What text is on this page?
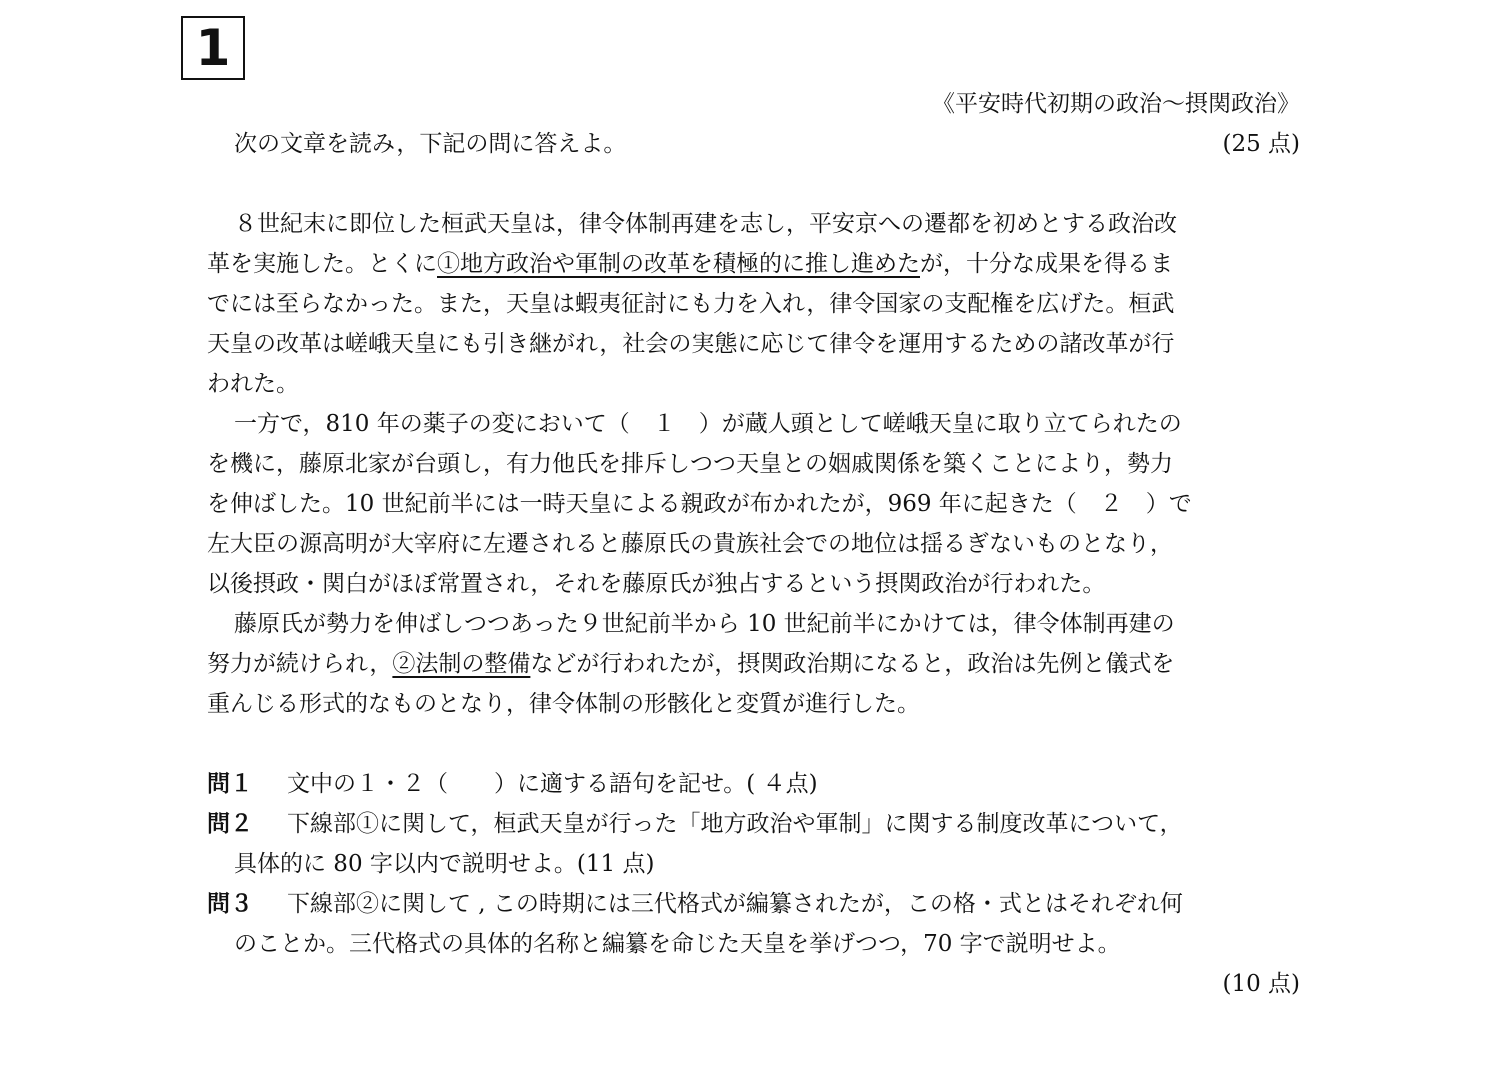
1
《平安時代初期の政治～摂関政治》
次の文章を読み，下記の問に答えよ。	(25 点)
８世紀末に即位した桓武天皇は，律令体制再建を志し，平安京への遷都を初めとする政治改
革を実施した。とくに①地方政治や軍制の改革を積極的に推し進めたが，十分な成果を得るま
でには至らなかった。また，天皇は蝦夷征討にも力を入れ，律令国家の支配権を広げた。桓武
天皇の改革は嵯峨天皇にも引き継がれ，社会の実態に応じて律令を運用するための諸改革が行
われた。
一方で，810 年の薬子の変において（　１　）が蔵人頭として嵯峨天皇に取り立てられたの
を機に，藤原北家が台頭し，有力他氏を排斥しつつ天皇との姻戚関係を築くことにより，勢力
を伸ばした。10 世紀前半には一時天皇による親政が布かれたが，969 年に起きた（　２　）で
左大臣の源高明が大宰府に左遷されると藤原氏の貴族社会での地位は揺るぎないものとなり，
以後摂政・関白がほぼ常置され，それを藤原氏が独占するという摂関政治が行われた。
藤原氏が勢力を伸ばしつつあった９世紀前半から 10 世紀前半にかけては，律令体制再建の
努力が続けられ，②法制の整備などが行われたが，摂関政治期になると，政治は先例と儀式を
重んじる形式的なものとなり，律令体制の形骸化と変質が進行した。
問１ 文中の１・２（　　）に適する語句を記せ。( ４点)
問２ 下線部①に関して，桓武天皇が行った「地方政治や軍制」に関する制度改革について，
具体的に 80 字以内で説明せよ。(11 点)
問３ 下線部②に関して , この時期には三代格式が編纂されたが，この格・式とはそれぞれ何
のことか。三代格式の具体的名称と編纂を命じた天皇を挙げつつ，70 字で説明せよ。
(10 点)
